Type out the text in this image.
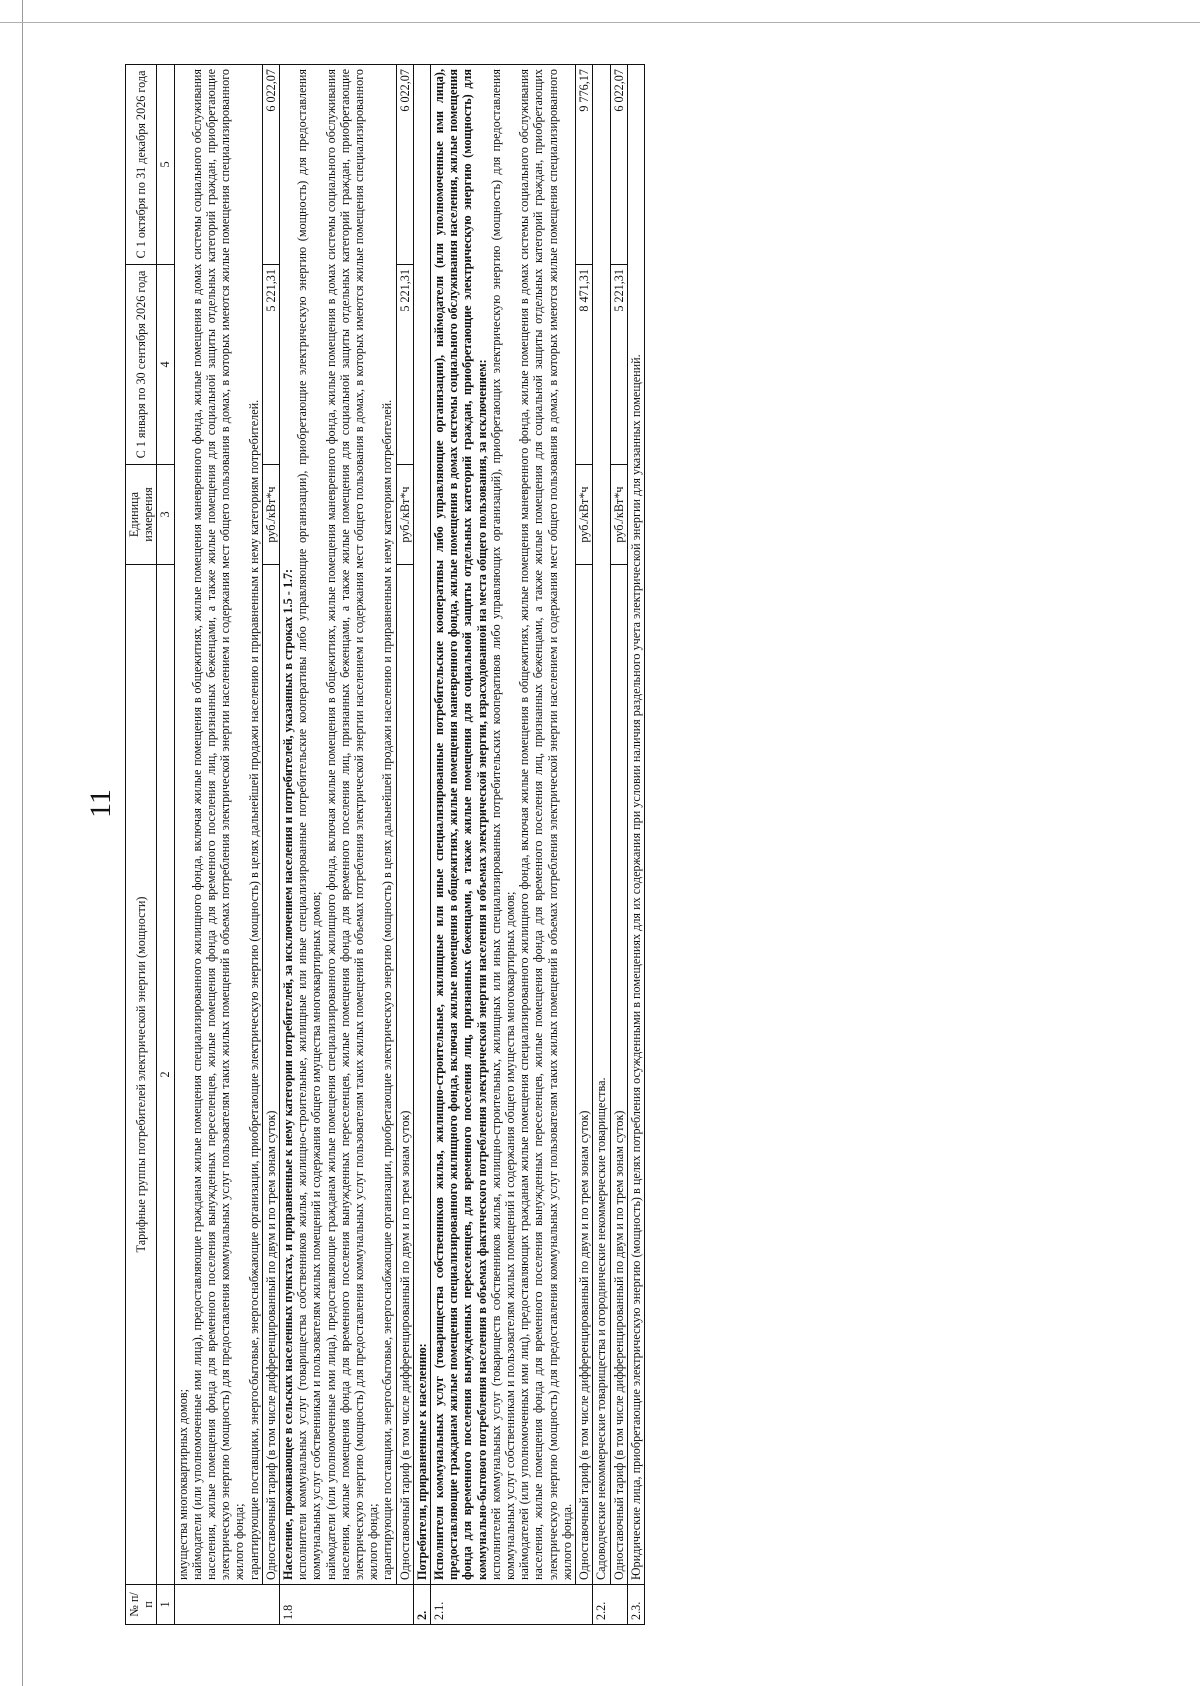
11
№ п/п	Тарифные группы потребителей электрической энергии (мощности)	Единица измерения	С 1 января по 30 сентября 2026 года	С 1 октября по 31 декабря 2026 года
1	2	3	4	5

	имущества многоквартирных домов; наймодатели (или уполномоченные ими лица), предоставляющие гражданам жилые помещения специализированного жилищного фонда, включая жилые помещения в общежитиях, жилые помещения маневренного фонда, жилые помещения в домах системы социального обслуживания населения, жилые помещения фонда для временного поселения вынужденных переселенцев, жилые помещения фонда для временного поселения лиц, признанных беженцами, а также жилые помещения для социальной защиты отдельных категорий граждан, приобретающие электрическую энергию (мощность) для предоставления коммунальных услуг пользователям таких жилых помещений в объемах потребления электрической энергии населением и содержания мест общего пользования в домах, в которых имеются жилые помещения специализированного жилого фонда; гарантирующие поставщики, энергосбытовые, энергоснабжающие организации, приобретающие электрическую энергию (мощность) в целях дальнейшей продажи населению и приравненным к нему категориям потребителей.			

	Одноставочный тариф (в том числе дифференцированный по двум и по трем зонам суток)	руб./кВт*ч	5 221,31	6 022,07
1.8	Население, проживающее в сельских населенных пунктах, и приравненные к нему категории потребителей, за исключением населения и потребителей, указанных в строках 1.5 - 1.7: исполнители коммунальных услуг (товарищества собственников жилья, жилищно-строительные, жилищные или иные специализированные потребительские кооперативы либо управляющие организации), приобретающие электрическую энергию (мощность) для предоставления коммунальных услуг собственникам и пользователям жилых помещений и содержания общего имущества многоквартирных домов; наймодатели (или уполномоченные ими лица), предоставляющие гражданам жилые помещения специализированного жилищного фонда, включая жилые помещения в общежитиях, жилые помещения маневренного фонда, жилые помещения в домах системы социального обслуживания населения, жилые помещения фонда для временного поселения вынужденных переселенцев, жилые помещения фонда для временного поселения лиц, признанных беженцами, а также жилые помещения для социальной защиты отдельных категорий граждан, приобретающие электрическую энергию (мощность) для предоставления коммунальных услуг пользователям таких жилых помещений в объемах потребления электрической энергии населением и содержания мест общего пользования в домах, в которых имеются жилые помещения специализированного жилого фонда; гарантирующие поставщики, энергосбытовые, энергоснабжающие организации, приобретающие электрическую энергию (мощность) в целях дальнейшей продажи населению и приравненным к нему категориям потребителей.			

	Одноставочный тариф (в том числе дифференцированный по двум и по трем зонам суток)	руб./кВт*ч	5 221,31	6 022,07
2.	Потребители, приравненные к населению:			
2.1.	Исполнители коммунальных услуг (товарищества собственников жилья, жилищно-строительные, жилищные или иные специализированные потребительские кооперативы либо управляющие организации), наймодатели (или уполномоченные ими лица), предоставляющие гражданам жилые помещения специализированного жилищного фонда, включая жилые помещения в общежитиях, жилые помещения маневренного фонда, жилые помещения в домах системы социального обслуживания населения, жилые помещения фонда для временного поселения вынужденных переселенцев, для временного поселения лиц, признанных беженцами, а также жилые помещения для социальной защиты отдельных категорий граждан, приобретающие электрическую энергию (мощность) для коммунально-бытового потребления населения в объемах фактического потребления электрической энергии населения и объемах электрической энергии, израсходованной на места общего пользования, за исключением: исполнителей коммунальных услуг (товариществ собственников жилья, жилищно-строительных, жилищных или иных специализированных потребительских кооперативов либо управляющих организаций), приобретающих электрическую энергию (мощность) для предоставления коммунальных услуг собственникам и пользователям жилых помещений и содержания общего имущества многоквартирных домов; наймодателей (или уполномоченных ими лиц), предоставляющих гражданам жилые помещения специализированного жилищного фонда, включая жилые помещения в общежитиях, жилые помещения маневренного фонда, жилые помещения в домах системы социального обслуживания населения, жилые помещения фонда для временного поселения вынужденных переселенцев, жилые помещения фонда для временного поселения лиц, признанных беженцами, а также жилые помещения для социальной защиты отдельных категорий граждан, приобретающих электрическую энергию (мощность) для предоставления коммунальных услуг пользователям таких жилых помещений в объемах потребления электрической энергии населением и содержания мест общего пользования в домах, в которых имеются жилые помещения специализированного жилого фонда.			

	Одноставочный тариф (в том числе дифференцированный по двум и по трем зонам суток)	руб./кВт*ч	8 471,31	9 776,17
2.2.	Садоводческие некоммерческие товарищества и огороднические некоммерческие товарищества.			
	Одноставочный тариф (в том числе дифференцированный по двум и по трем зонам суток)	руб./кВт*ч	5 221,31	6 022,07
2.3.	Юридические лица, приобретающие электрическую энергию (мощность) в целях потребления осужденными в помещениях для их содержания при условии наличия раздельного учета электрической энергии для указанных помещений.			
